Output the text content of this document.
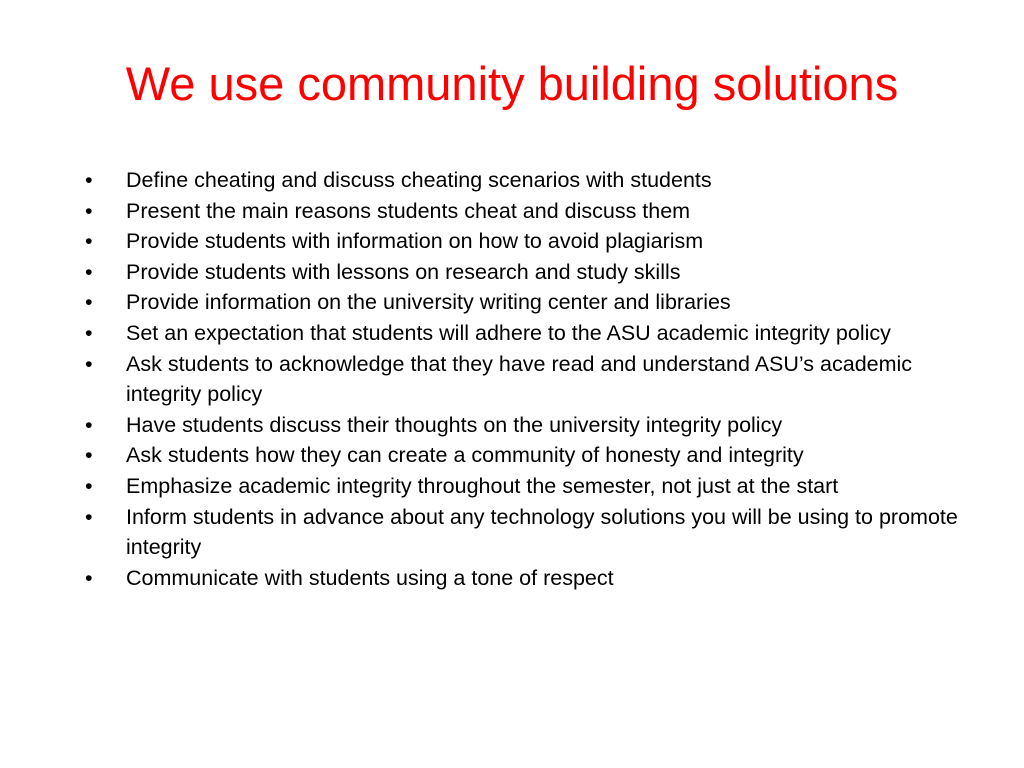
We use community building solutions
•	Define cheating and discuss cheating scenarios with students
•	Present the main reasons students cheat and discuss them
•	Provide students with information on how to avoid plagiarism
•	Provide students with lessons on research and study skills
•	Provide information on the university writing center and libraries
•	Set an expectation that students will adhere to the ASU academic integrity policy
•	Ask students to acknowledge that they have read and understand ASU’s academic integrity policy
•	Have students discuss their thoughts on the university integrity policy
•	Ask students how they can create a community of honesty and integrity
•	Emphasize academic integrity throughout the semester, not just at the start
•	Inform students in advance about any technology solutions you will be using to promote integrity
•	Communicate with students using a tone of respect
